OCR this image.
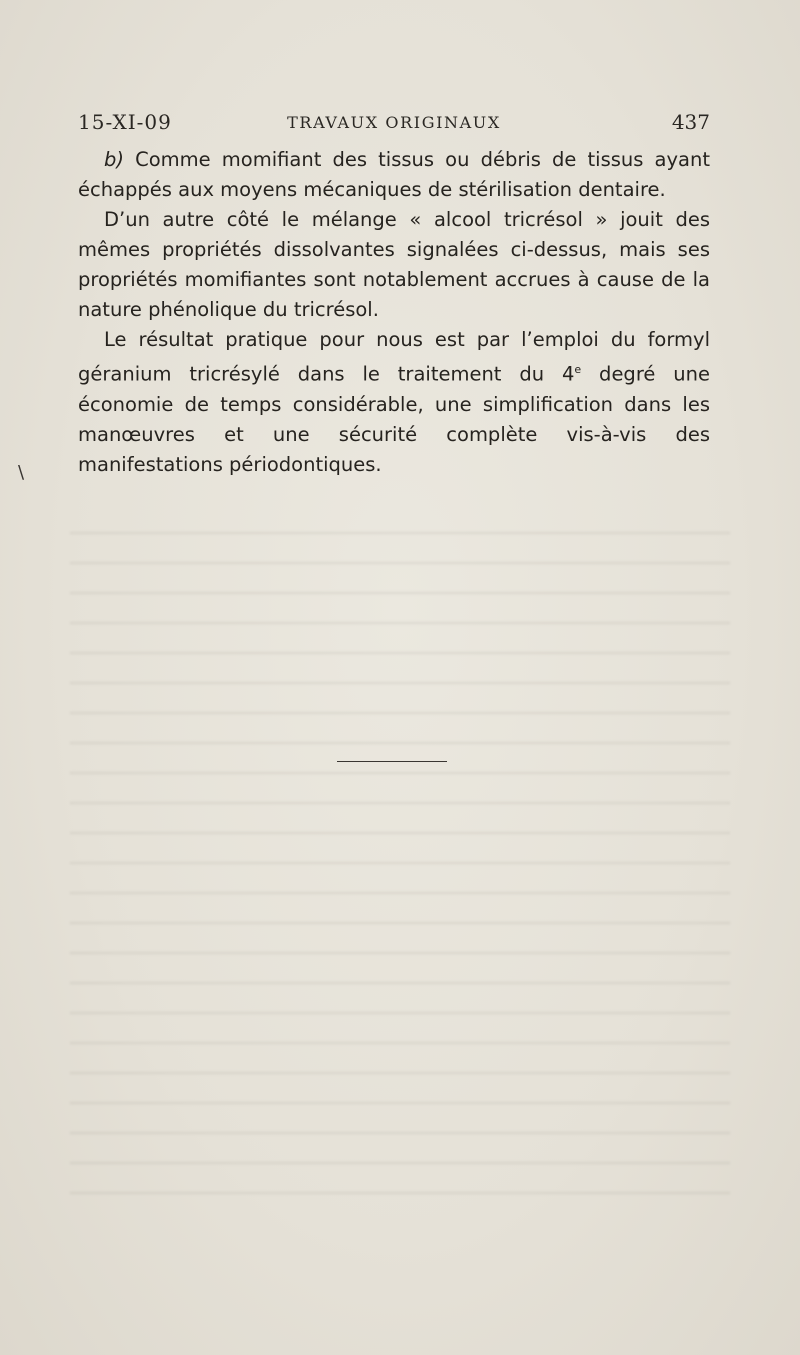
15-XI-09	TRAVAUX ORIGINAUX	437

b) Comme momifiant des tissus ou débris de tissus ayant échappés aux moyens mécaniques de stérilisation dentaire.

D’un autre côté le mélange « alcool tricrésol » jouit des mêmes propriétés dissolvantes signalées ci-dessus, mais ses propriétés momifiantes sont notablement accrues à cause de la nature phénolique du tricrésol.

Le résultat pratique pour nous est par l’emploi du formyl géranium tricrésylé dans le traitement du 4e degré une économie de temps considérable, une simplification dans les manœuvres et une sécurité complète vis-à-vis des manifestations périodontiques.

\
